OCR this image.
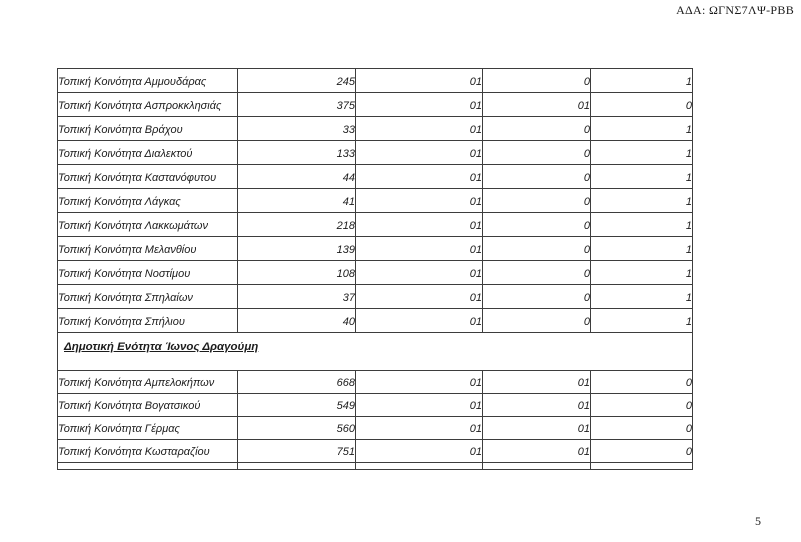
ΑΔΑ: ΩΓΝΣ7ΛΨ-ΡΒΒ
Τοπική Κοινότητα Αμμουδάρας	245	01	0	1
Τοπική Κοινότητα Ασπροκκλησιάς	375	01	01	0
Τοπική Κοινότητα Βράχου	33	01	0	1
Τοπική Κοινότητα Διαλεκτού	133	01	0	1
Τοπική Κοινότητα Καστανόφυτου	44	01	0	1
Τοπική Κοινότητα Λάγκας	41	01	0	1
Τοπική Κοινότητα Λακκωμάτων	218	01	0	1
Τοπική Κοινότητα Μελανθίου	139	01	0	1
Τοπική Κοινότητα Νοστίμου	108	01	0	1
Τοπική Κοινότητα Σπηλαίων	37	01	0	1
Τοπική Κοινότητα Σπήλιου	40	01	0	1
Δημοτική Ενότητα Ίωνος Δραγούμη				
Τοπική Κοινότητα Αμπελοκήπων	668	01	01	0
Τοπική Κοινότητα Βογατσικού	549	01	01	0
Τοπική Κοινότητα Γέρμας	560	01	01	0
Τοπική Κοινότητα Κωσταραζίου	751	01	01	0

5
